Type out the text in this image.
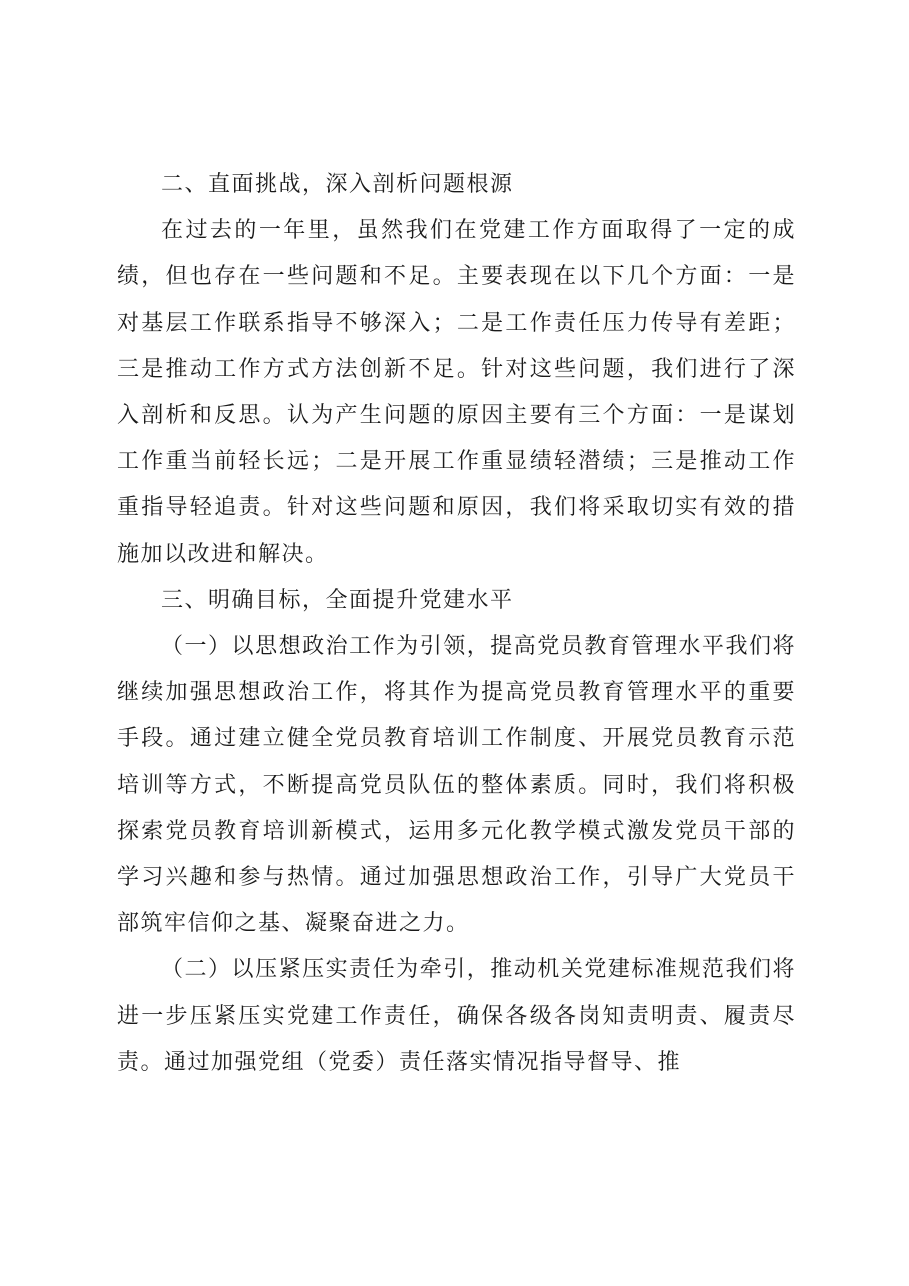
二、直面挑战，深入剖析问题根源

在过去的一年里，虽然我们在党建工作方面取得了一定的成绩，但也存在一些问题和不足。主要表现在以下几个方面：一是对基层工作联系指导不够深入；二是工作责任压力传导有差距；三是推动工作方式方法创新不足。针对这些问题，我们进行了深入剖析和反思。认为产生问题的原因主要有三个方面：一是谋划工作重当前轻长远；二是开展工作重显绩轻潜绩；三是推动工作重指导轻追责。针对这些问题和原因，我们将采取切实有效的措施加以改进和解决。

三、明确目标，全面提升党建水平

（一）以思想政治工作为引领，提高党员教育管理水平我们将继续加强思想政治工作，将其作为提高党员教育管理水平的重要手段。通过建立健全党员教育培训工作制度、开展党员教育示范培训等方式，不断提高党员队伍的整体素质。同时，我们将积极探索党员教育培训新模式，运用多元化教学模式激发党员干部的学习兴趣和参与热情。通过加强思想政治工作，引导广大党员干部筑牢信仰之基、凝聚奋进之力。

（二）以压紧压实责任为牵引，推动机关党建标准规范我们将进一步压紧压实党建工作责任，确保各级各岗知责明责、履责尽责。通过加强党组（党委）责任落实情况指导督导、推
